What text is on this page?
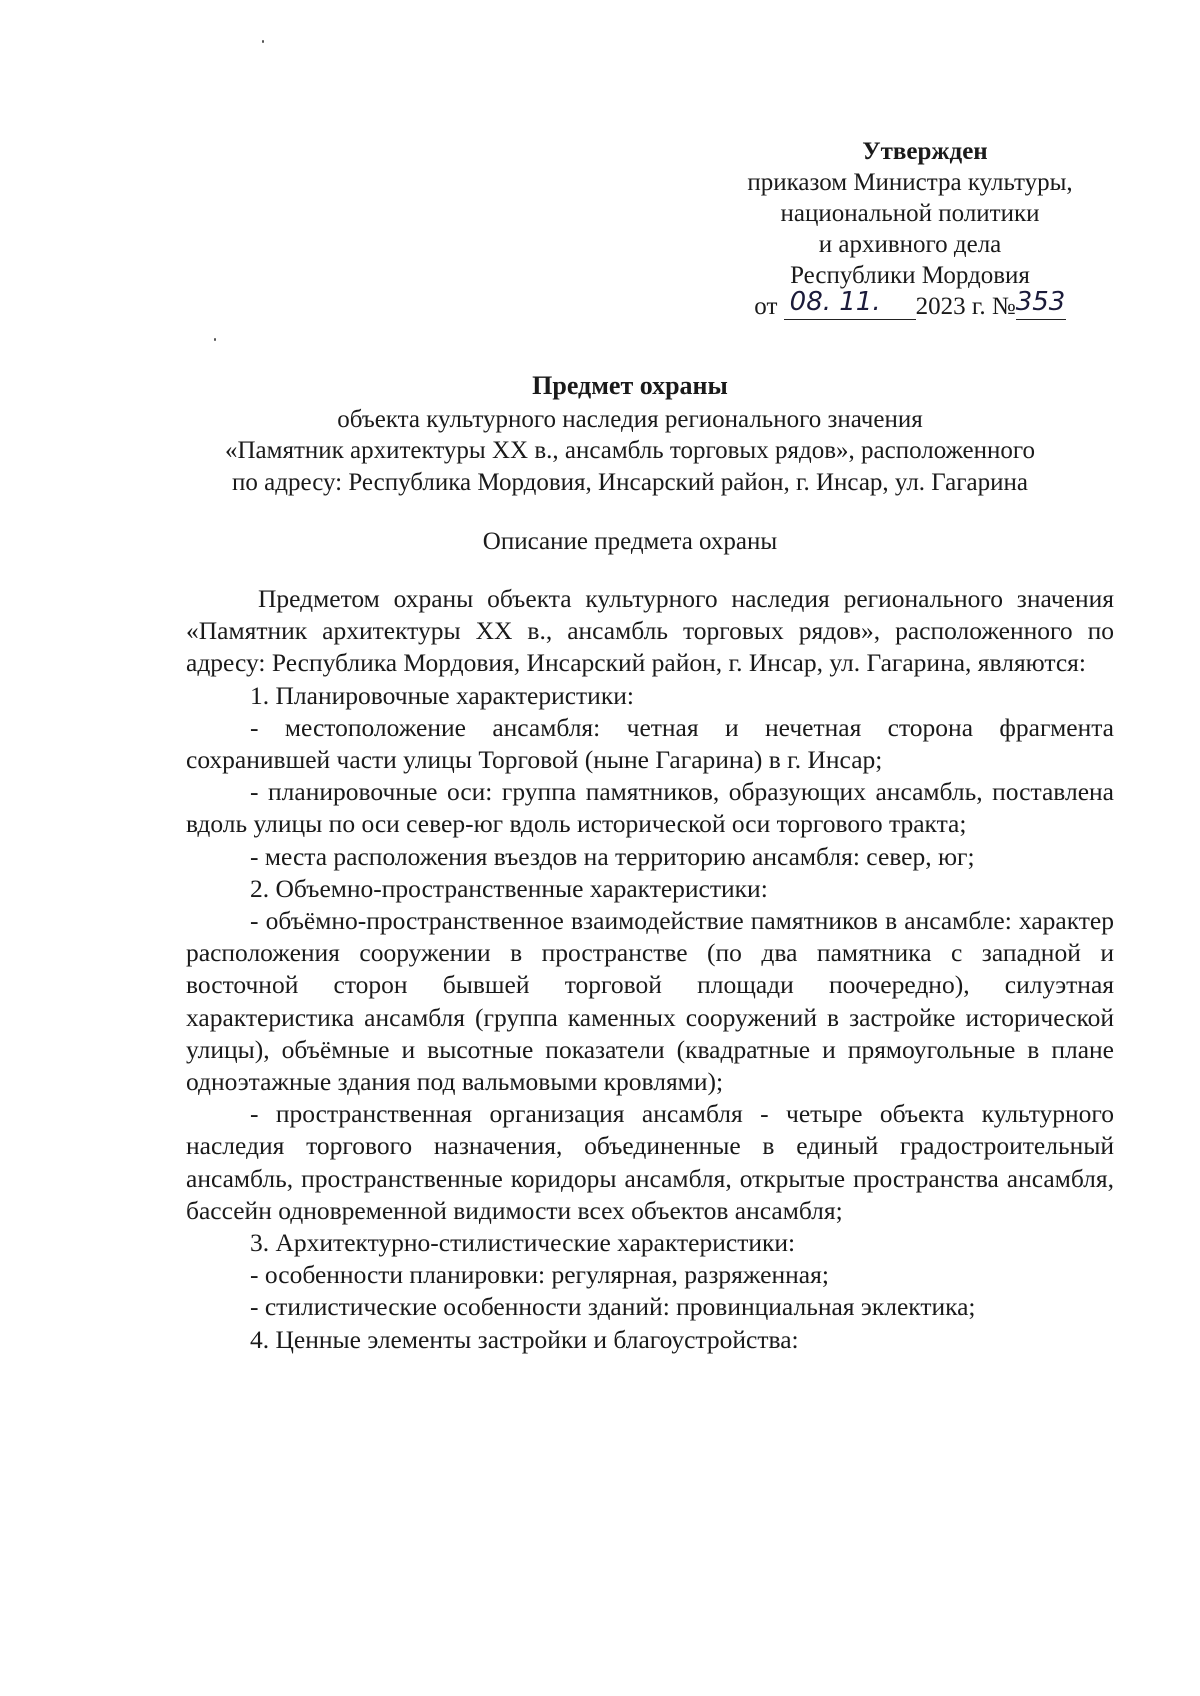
Утвержден
приказом Министра культуры,
национальной политики
и архивного дела
Республики Мордовия
от 08. 11. 2023 г. №353
Предмет охраны
объекта культурного наследия регионального значения
«Памятник архитектуры ХХ в., ансамбль торговых рядов», расположенного
по адресу: Республика Мордовия, Инсарский район, г. Инсар, ул. Гагарина
Описание предмета охраны

Предметом охраны объекта культурного наследия регионального значения «Памятник архитектуры ХХ в., ансамбль торговых рядов», расположенного по адресу: Республика Мордовия, Инсарский район, г. Инсар, ул. Гагарина, являются:

1. Планировочные характеристики:

- местоположение ансамбля: четная и нечетная сторона фрагмента сохранившей части улицы Торговой (ныне Гагарина) в г. Инсар;

- планировочные оси: группа памятников, образующих ансамбль, поставлена вдоль улицы по оси север-юг вдоль исторической оси торгового тракта;

- места расположения въездов на территорию ансамбля: север, юг;

2. Объемно-пространственные характеристики:

- объёмно-пространственное взаимодействие памятников в ансамбле: характер расположения сооружении в пространстве (по два памятника с западной и восточной сторон бывшей торговой площади поочередно), силуэтная характеристика ансамбля (группа каменных сооружений в застройке исторической улицы), объёмные и высотные показатели (квадратные и прямоугольные в плане одноэтажные здания под вальмовыми кровлями);

- пространственная организация ансамбля - четыре объекта культурного наследия торгового назначения, объединенные в единый градостроительный ансамбль, пространственные коридоры ансамбля, открытые пространства ансамбля, бассейн одновременной видимости всех объектов ансамбля;

3. Архитектурно-стилистические характеристики:

- особенности планировки: регулярная, разряженная;

- стилистические особенности зданий: провинциальная эклектика;

4. Ценные элементы застройки и благоустройства:
